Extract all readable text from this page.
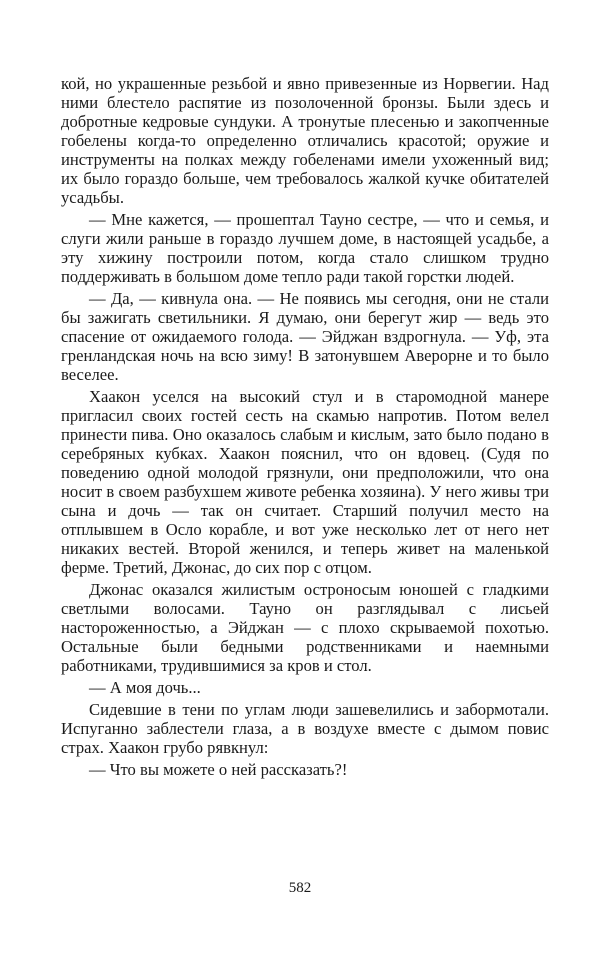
кой, но украшенные резьбой и явно привезенные из Норвегии. Над ними блестело распятие из позолоченной бронзы. Были здесь и добротные кедровые сундуки. А тронутые плесенью и закопченные гобелены когда-то определенно отличались красотой; оружие и инструменты на полках между гобеленами имели ухоженный вид; их было гораздо больше, чем требовалось жалкой кучке обитателей усадьбы.

— Мне кажется, — прошептал Тауно сестре, — что и семья, и слуги жили раньше в гораздо лучшем доме, в настоящей усадьбе, а эту хижину построили потом, когда стало слишком трудно поддерживать в большом доме тепло ради такой горстки людей.

— Да, — кивнула она. — Не появись мы сегодня, они не стали бы зажигать светильники. Я думаю, они берегут жир — ведь это спасение от ожидаемого голода. — Эйджан вздрогнула. — Уф, эта гренландская ночь на всю зиму! В затонувшем Аверорне и то было веселее.

Хаакон уселся на высокий стул и в старомодной манере пригласил своих гостей сесть на скамью напротив. Потом велел принести пива. Оно оказалось слабым и кислым, зато было подано в серебряных кубках. Хаакон пояснил, что он вдовец. (Судя по поведению одной молодой грязнули, они предположили, что она носит в своем разбухшем животе ребенка хозяина). У него живы три сына и дочь — так он считает. Старший получил место на отплывшем в Осло корабле, и вот уже несколько лет от него нет никаких вестей. Второй женился, и теперь живет на маленькой ферме. Третий, Джонас, до сих пор с отцом.

Джонас оказался жилистым остроносым юношей с гладкими светлыми волосами. Тауно он разглядывал с лисьей настороженностью, а Эйджан — с плохо скрываемой похотью. Остальные были бедными родственниками и наемными работниками, трудившимися за кров и стол.

— А моя дочь...

Сидевшие в тени по углам люди зашевелились и забормотали. Испуганно заблестели глаза, а в воздухе вместе с дымом повис страх. Хаакон грубо рявкнул:

— Что вы можете о ней рассказать?!

582
